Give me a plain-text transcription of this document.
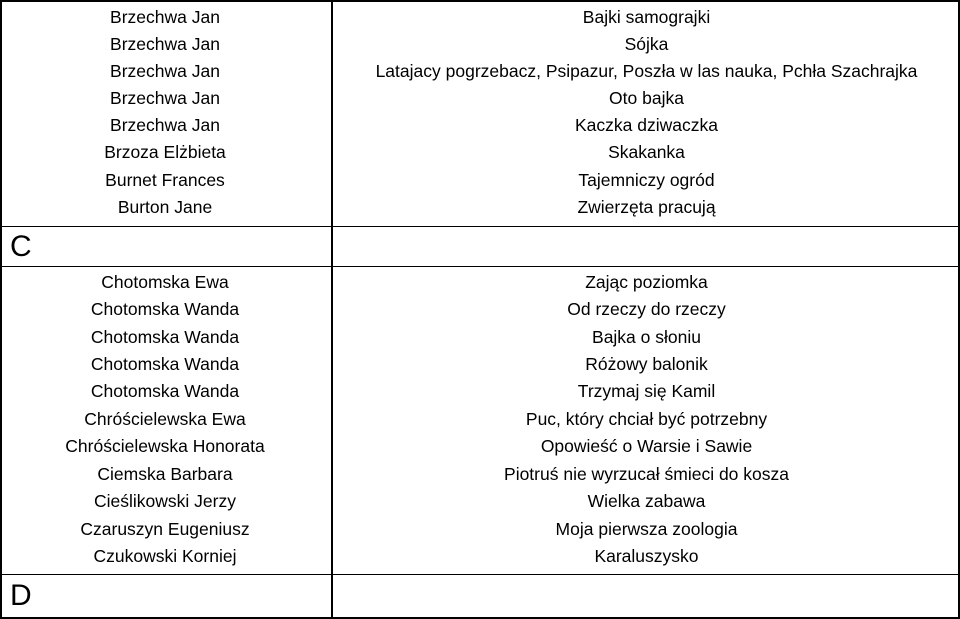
Brzechwa Jan	Bajki samograjki
Brzechwa Jan	Sójka
Brzechwa Jan	Latajacy pogrzebacz, Psipazur, Poszła w las nauka, Pchła Szachrajka
Brzechwa Jan	Oto bajka
Brzechwa Jan	Kaczka dziwaczka
Brzoza Elżbieta	Skakanka
Burnet Frances	Tajemniczy ogród
Burton Jane	Zwierzęta pracują
C
Chotomska Ewa	Zając poziomka
Chotomska Wanda	Od rzeczy do rzeczy
Chotomska Wanda	Bajka o słoniu
Chotomska Wanda	Różowy balonik
Chotomska Wanda	Trzymaj się Kamil
Chróścielewska Ewa	Puc, który chciał być potrzebny
Chróścielewska Honorata	Opowieść o Warsie i Sawie
Ciemska Barbara	Piotruś nie wyrzucał śmieci do kosza
Cieślikowski Jerzy	Wielka zabawa
Czaruszyn Eugeniusz	Moja pierwsza zoologia
Czukowski Korniej	Karaluszysko
D
